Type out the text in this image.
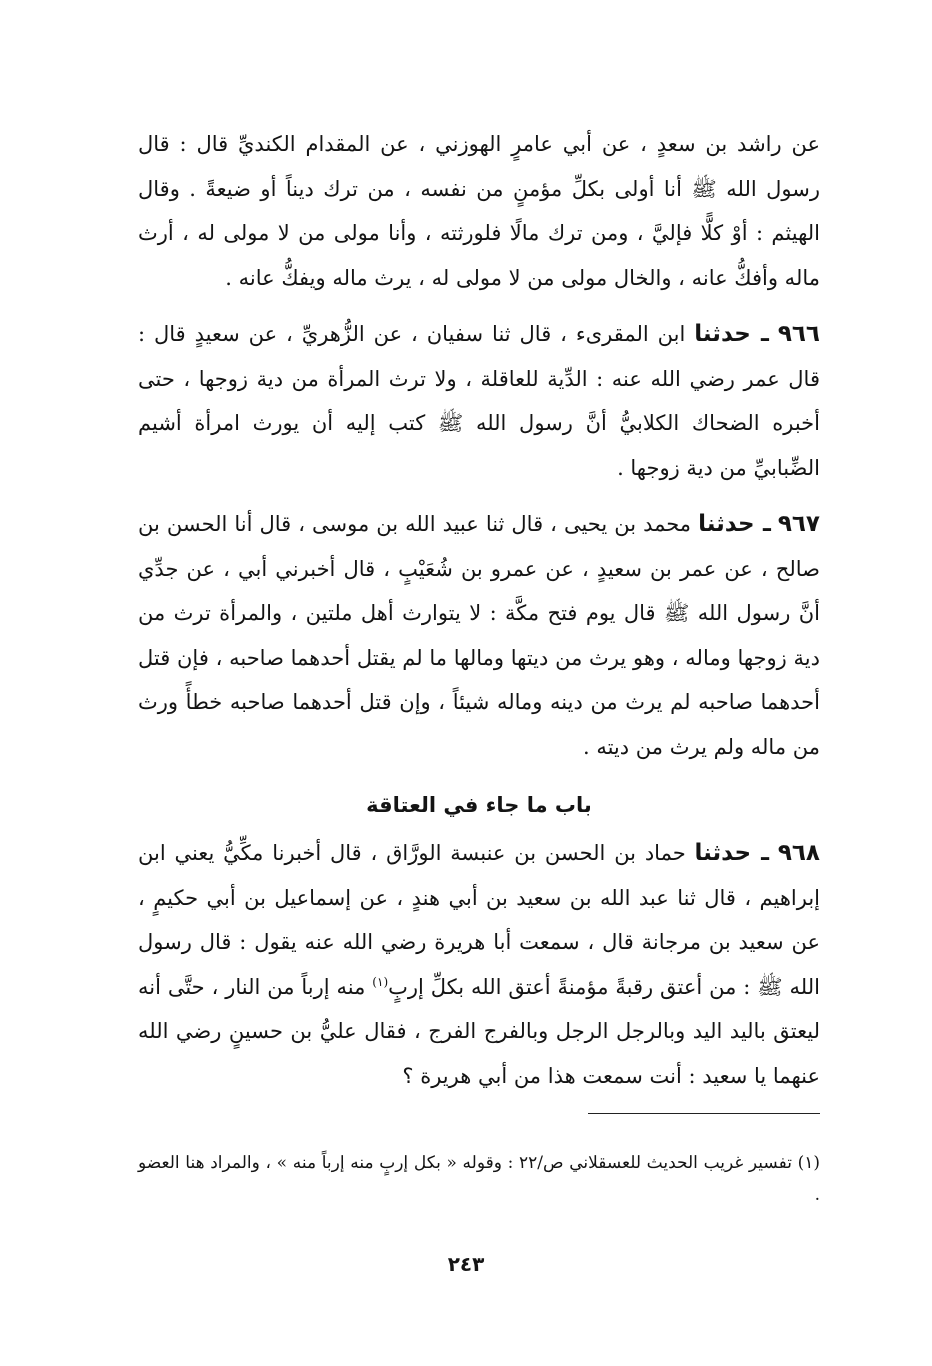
عن راشد بن سعدٍ ، عن أبي عامرٍ الهوزني ، عن المقدام الكنديِّ قال : قال رسول الله ﷺ أنا أولى بكلِّ مؤمنٍ من نفسه ، من ترك ديناً أو ضيعةً . وقال الهيثم : أوْ كلًّا فإليَّ ، ومن ترك مالًا فلورثته ، وأنا مولى من لا مولى له ، أرث ماله وأفكُّ عانه ، والخال مولى من لا مولى له ، يرث ماله ويفكُّ عانه .

٩٦٦ ـ حدثنا ابن المقرىء ، قال ثنا سفيان ، عن الزُّهريِّ ، عن سعيدٍ قال : قال عمر رضي الله عنه : الدِّية للعاقلة ، ولا ترث المرأة من دية زوجها ، حتى أخبره الضحاك الكلابيُّ أنَّ رسول الله ﷺ كتب إليه أن يورث امرأة أشيم الضِّبابيِّ من دية زوجها .

٩٦٧ ـ حدثنا محمد بن يحيى ، قال ثنا عبيد الله بن موسى ، قال أنا الحسن بن صالح ، عن عمر بن سعيدٍ ، عن عمرو بن شُعَيْبٍ ، قال أخبرني أبي ، عن جدِّي أنَّ رسول الله ﷺ قال يوم فتح مكَّة : لا يتوارث أهل ملتين ، والمرأة ترث من دية زوجها وماله ، وهو يرث من ديتها ومالها ما لم يقتل أحدهما صاحبه ، فإن قتل أحدهما صاحبه لم يرث من دينه وماله شيئاً ، وإن قتل أحدهما صاحبه خطأً ورث من ماله ولم يرث من ديته .

باب ما جاء في العتاقة

٩٦٨ ـ حدثنا حماد بن الحسن بن عنبسة الورَّاق ، قال أخبرنا مكِّيُّ يعني ابن إبراهيم ، قال ثنا عبد الله بن سعيد بن أبي هندٍ ، عن إسماعيل بن أبي حكيمٍ ، عن سعيد بن مرجانة قال ، سمعت أبا هريرة رضي الله عنه يقول : قال رسول الله ﷺ : من أعتق رقبةً مؤمنةً أعتق الله بكلِّ إربٍ$^{(١)}$ منه إرباً من النار ، حتَّى أنه ليعتق باليد اليد وبالرجل الرجل وبالفرج الفرج ، فقال عليُّ بن حسينٍ رضي الله عنهما يا سعيد : أنت سمعت هذا من أبي هريرة ؟

(١) تفسير غريب الحديث للعسقلاني ص/٢٢ : وقوله « بكل إربٍ منه إرباً منه » ، والمراد هنا العضو .

٢٤٣
